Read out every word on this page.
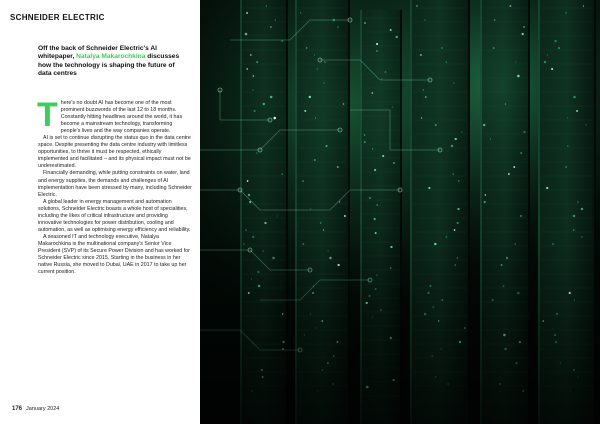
SCHNEIDER ELECTRIC
Off the back of Schneider Electric's AI whitepaper, Natalya Makarochkina discusses how the technology is shaping the future of data centres
T here's no doubt AI has become one of the most prominent buzzwords of the last 12 to 18 months. Constantly hitting headlines around the world, it has become a mainstream technology, transforming people's lives and the way companies operate.

AI is set to continue disrupting the status quo in the data centre space. Despite presenting the data centre industry with limitless opportunities, to thrive it must be respected, ethically implemented and facilitated – and its physical impact must not be underestimated.

Financially demanding, while putting constraints on water, land and energy supplies, the demands and challenges of AI implementation have been stressed by many, including Schneider Electric.

A global leader in energy management and automation solutions, Schneider Electric boasts a whole host of specialities, including the likes of critical infrastructure and providing innovative technologies for power distribution, cooling and automation, as well as optimising energy efficiency and reliability.

A seasoned IT and technology executive, Natalya Makarochkina is the multinational company's Senior Vice President (SVP) of its Secure Power Division and has worked for Schneider Electric since 2015. Starting in the business in her native Russia, she moved to Dubai, UAE in 2017 to take up her current position.

176 January 2024
